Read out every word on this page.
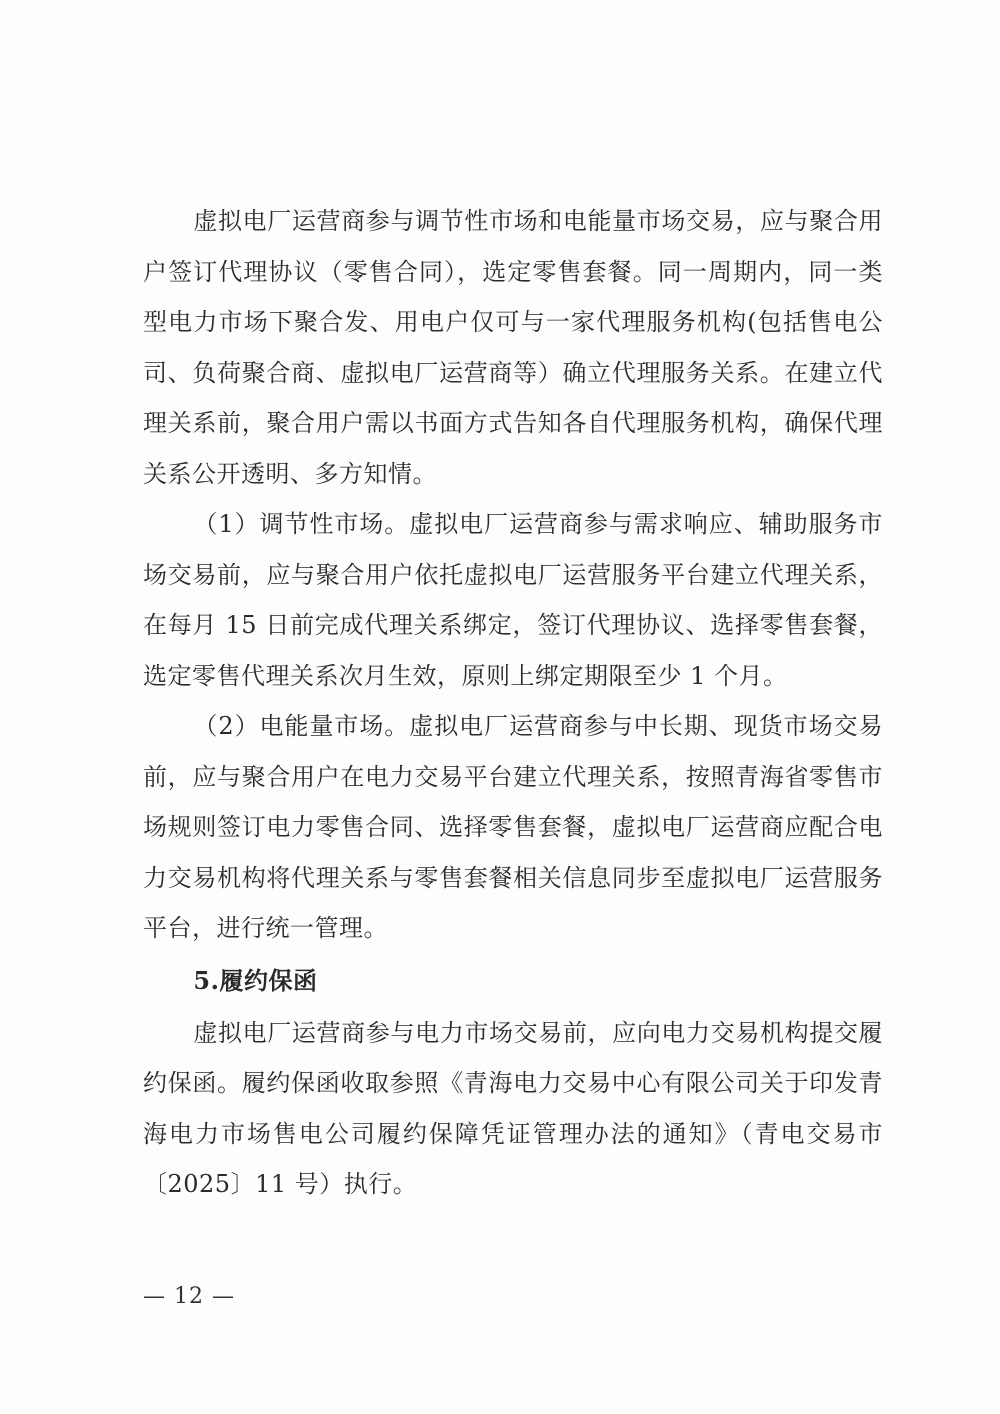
虚拟电厂运营商参与调节性市场和电能量市场交易，应与聚合用户签订代理协议（零售合同），选定零售套餐。同一周期内，同一类型电力市场下聚合发、用电户仅可与一家代理服务机构(包括售电公司、负荷聚合商、虚拟电厂运营商等）确立代理服务关系。在建立代理关系前，聚合用户需以书面方式告知各自代理服务机构，确保代理关系公开透明、多方知情。

（1）调节性市场。虚拟电厂运营商参与需求响应、辅助服务市场交易前，应与聚合用户依托虚拟电厂运营服务平台建立代理关系，在每月 15 日前完成代理关系绑定，签订代理协议、选择零售套餐，选定零售代理关系次月生效，原则上绑定期限至少 1 个月。

（2）电能量市场。虚拟电厂运营商参与中长期、现货市场交易前，应与聚合用户在电力交易平台建立代理关系，按照青海省零售市场规则签订电力零售合同、选择零售套餐，虚拟电厂运营商应配合电力交易机构将代理关系与零售套餐相关信息同步至虚拟电厂运营服务平台，进行统一管理。

5.履约保函

虚拟电厂运营商参与电力市场交易前，应向电力交易机构提交履约保函。履约保函收取参照《青海电力交易中心有限公司关于印发青海电力市场售电公司履约保障凭证管理办法的通知》（青电交易市〔2025〕11 号）执行。

— 12 —
